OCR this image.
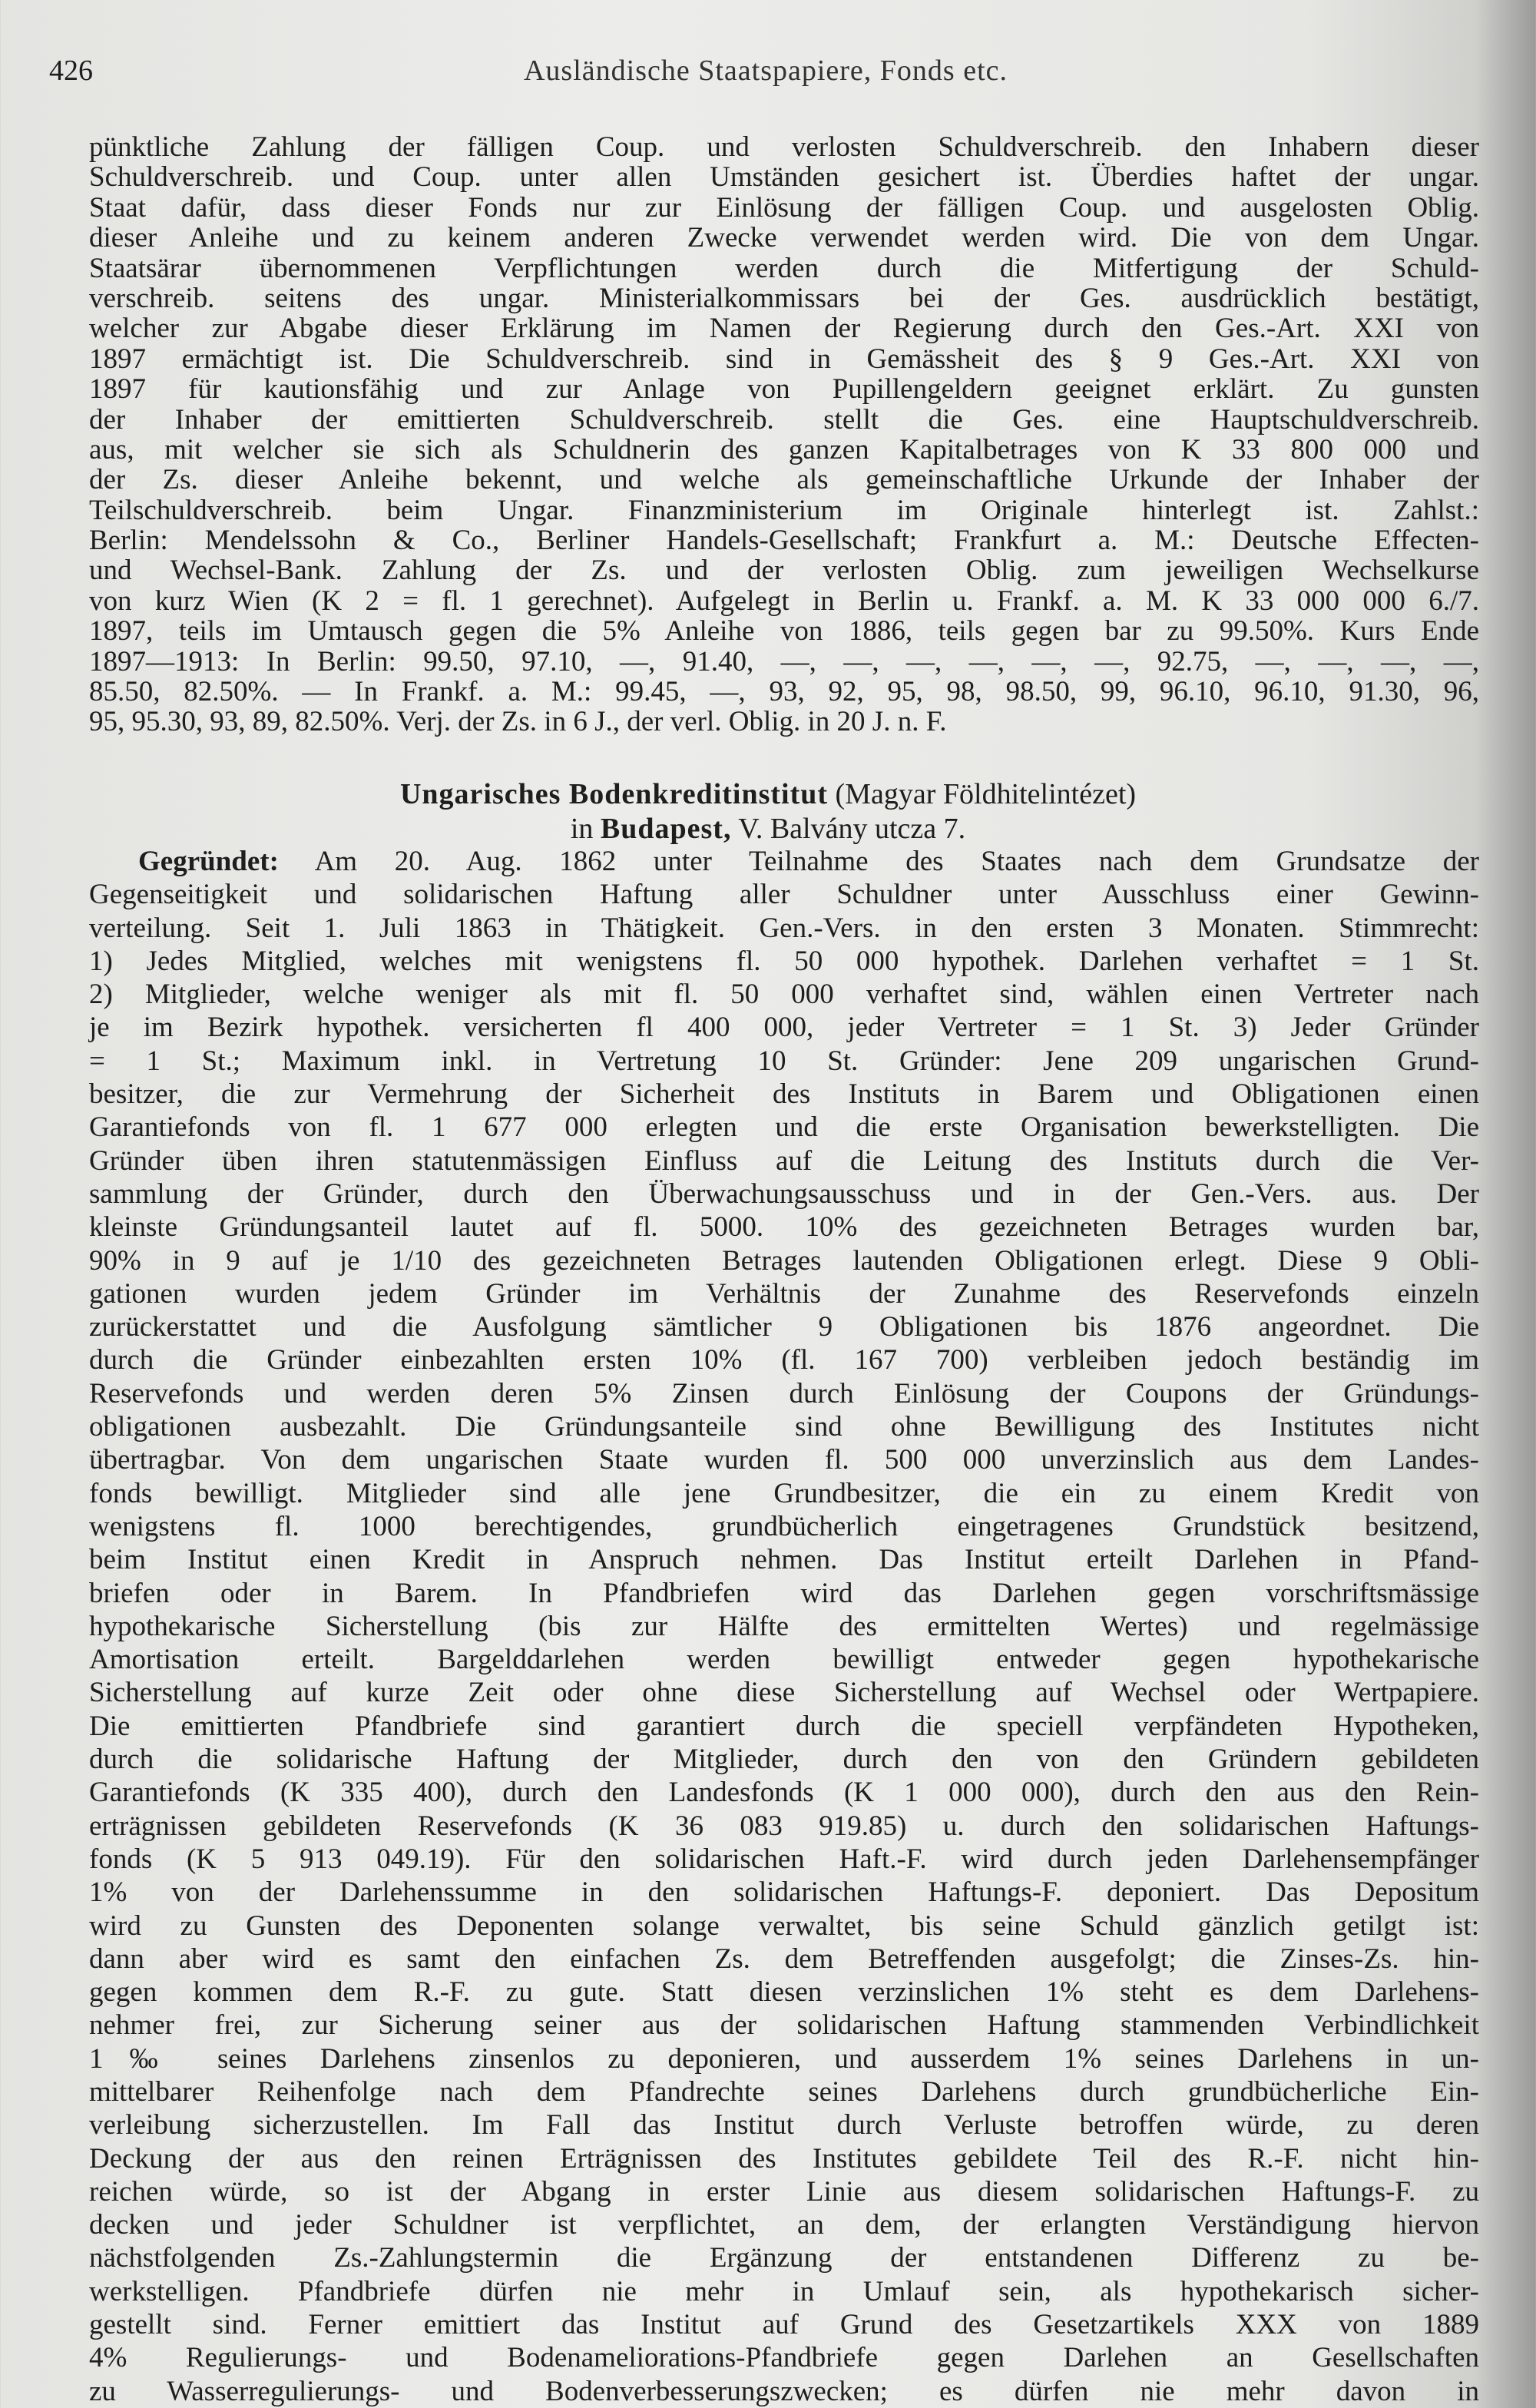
426	Ausländische Staatspapiere, Fonds etc.
pünktliche Zahlung der fälligen Coup. und verlosten Schuldverschreib. den Inhabern dieser
Schuldverschreib. und Coup. unter allen Umständen gesichert ist. Überdies haftet der ungar.
Staat dafür, dass dieser Fonds nur zur Einlösung der fälligen Coup. und ausgelosten Oblig.
dieser Anleihe und zu keinem anderen Zwecke verwendet werden wird. Die von dem Ungar.
Staatsärar übernommenen Verpflichtungen werden durch die Mitfertigung der Schuld-
verschreib. seitens des ungar. Ministerialkommissars bei der Ges. ausdrücklich bestätigt,
welcher zur Abgabe dieser Erklärung im Namen der Regierung durch den Ges.-Art. XXI von
1897 ermächtigt ist. Die Schuldverschreib. sind in Gemässheit des § 9 Ges.-Art. XXI von
1897 für kautionsfähig und zur Anlage von Pupillengeldern geeignet erklärt. Zu gunsten
der Inhaber der emittierten Schuldverschreib. stellt die Ges. eine Hauptschuldverschreib.
aus, mit welcher sie sich als Schuldnerin des ganzen Kapitalbetrages von K 33 800 000 und
der Zs. dieser Anleihe bekennt, und welche als gemeinschaftliche Urkunde der Inhaber der
Teilschuldverschreib. beim Ungar. Finanzministerium im Originale hinterlegt ist. Zahlst.:
Berlin: Mendelssohn & Co., Berliner Handels-Gesellschaft; Frankfurt a. M.: Deutsche Effecten-
und Wechsel-Bank. Zahlung der Zs. und der verlosten Oblig. zum jeweiligen Wechselkurse
von kurz Wien (K 2 = fl. 1 gerechnet). Aufgelegt in Berlin u. Frankf. a. M. K 33 000 000 6./7.
1897, teils im Umtausch gegen die 5% Anleihe von 1886, teils gegen bar zu 99.50%. Kurs Ende
1897—1913: In Berlin: 99.50, 97.10, —, 91.40, —, —, —, —, —, —, 92.75, —, —, —, —,
85.50, 82.50%. — In Frankf. a. M.: 99.45, —, 93, 92, 95, 98, 98.50, 99, 96.10, 96.10, 91.30, 96,
95, 95.30, 93, 89, 82.50%. Verj. der Zs. in 6 J., der verl. Oblig. in 20 J. n. F.
Ungarisches Bodenkreditinstitut (Magyar Földhitelintézet)
in Budapest, V. Balvány utcza 7.
Gegründet: Am 20. Aug. 1862 unter Teilnahme des Staates nach dem Grundsatze der
Gegenseitigkeit und solidarischen Haftung aller Schuldner unter Ausschluss einer Gewinn-
verteilung. Seit 1. Juli 1863 in Thätigkeit. Gen.-Vers. in den ersten 3 Monaten. Stimmrecht:
1) Jedes Mitglied, welches mit wenigstens fl. 50 000 hypothek. Darlehen verhaftet = 1 St.
2) Mitglieder, welche weniger als mit fl. 50 000 verhaftet sind, wählen einen Vertreter nach
je im Bezirk hypothek. versicherten fl 400 000, jeder Vertreter = 1 St. 3) Jeder Gründer
= 1 St.; Maximum inkl. in Vertretung 10 St. Gründer: Jene 209 ungarischen Grund-
besitzer, die zur Vermehrung der Sicherheit des Instituts in Barem und Obligationen einen
Garantiefonds von fl. 1 677 000 erlegten und die erste Organisation bewerkstelligten. Die
Gründer üben ihren statutenmässigen Einfluss auf die Leitung des Instituts durch die Ver-
sammlung der Gründer, durch den Überwachungsausschuss und in der Gen.-Vers. aus. Der
kleinste Gründungsanteil lautet auf fl. 5000. 10% des gezeichneten Betrages wurden bar,
90% in 9 auf je 1/10 des gezeichneten Betrages lautenden Obligationen erlegt. Diese 9 Obli-
gationen wurden jedem Gründer im Verhältnis der Zunahme des Reservefonds einzeln
zurückerstattet und die Ausfolgung sämtlicher 9 Obligationen bis 1876 angeordnet. Die
durch die Gründer einbezahlten ersten 10% (fl. 167 700) verbleiben jedoch beständig im
Reservefonds und werden deren 5% Zinsen durch Einlösung der Coupons der Gründungs-
obligationen ausbezahlt. Die Gründungsanteile sind ohne Bewilligung des Institutes nicht
übertragbar. Von dem ungarischen Staate wurden fl. 500 000 unverzinslich aus dem Landes-
fonds bewilligt. Mitglieder sind alle jene Grundbesitzer, die ein zu einem Kredit von
wenigstens fl. 1000 berechtigendes, grundbücherlich eingetragenes Grundstück besitzend,
beim Institut einen Kredit in Anspruch nehmen. Das Institut erteilt Darlehen in Pfand-
briefen oder in Barem. In Pfandbriefen wird das Darlehen gegen vorschriftsmässige
hypothekarische Sicherstellung (bis zur Hälfte des ermittelten Wertes) und regelmässige
Amortisation erteilt. Bargelddarlehen werden bewilligt entweder gegen hypothekarische
Sicherstellung auf kurze Zeit oder ohne diese Sicherstellung auf Wechsel oder Wertpapiere.
Die emittierten Pfandbriefe sind garantiert durch die speciell verpfändeten Hypotheken,
durch die solidarische Haftung der Mitglieder, durch den von den Gründern gebildeten
Garantiefonds (K 335 400), durch den Landesfonds (K 1 000 000), durch den aus den Rein-
erträgnissen gebildeten Reservefonds (K 36 083 919.85) u. durch den solidarischen Haftungs-
fonds (K 5 913 049.19). Für den solidarischen Haft.-F. wird durch jeden Darlehensempfänger
1% von der Darlehenssumme in den solidarischen Haftungs-F. deponiert. Das Depositum
wird zu Gunsten des Deponenten solange verwaltet, bis seine Schuld gänzlich getilgt ist:
dann aber wird es samt den einfachen Zs. dem Betreffenden ausgefolgt; die Zinses-Zs. hin-
gegen kommen dem R.-F. zu gute. Statt diesen verzinslichen 1% steht es dem Darlehens-
nehmer frei, zur Sicherung seiner aus der solidarischen Haftung stammenden Verbindlichkeit
1‰ seines Darlehens zinsenlos zu deponieren, und ausserdem 1% seines Darlehens in un-
mittelbarer Reihenfolge nach dem Pfandrechte seines Darlehens durch grundbücherliche Ein-
verleibung sicherzustellen. Im Fall das Institut durch Verluste betroffen würde, zu deren
Deckung der aus den reinen Erträgnissen des Institutes gebildete Teil des R.-F. nicht hin-
reichen würde, so ist der Abgang in erster Linie aus diesem solidarischen Haftungs-F. zu
decken und jeder Schuldner ist verpflichtet, an dem, der erlangten Verständigung hiervon
nächstfolgenden Zs.-Zahlungstermin die Ergänzung der entstandenen Differenz zu be-
werkstelligen. Pfandbriefe dürfen nie mehr in Umlauf sein, als hypothekarisch sicher-
gestellt sind. Ferner emittiert das Institut auf Grund des Gesetzartikels XXX von 1889
4% Regulierungs- und Bodenameliorations-Pfandbriefe gegen Darlehen an Gesellschaften
zu Wasserregulierungs- und Bodenverbesserungszwecken; es dürfen nie mehr davon in
